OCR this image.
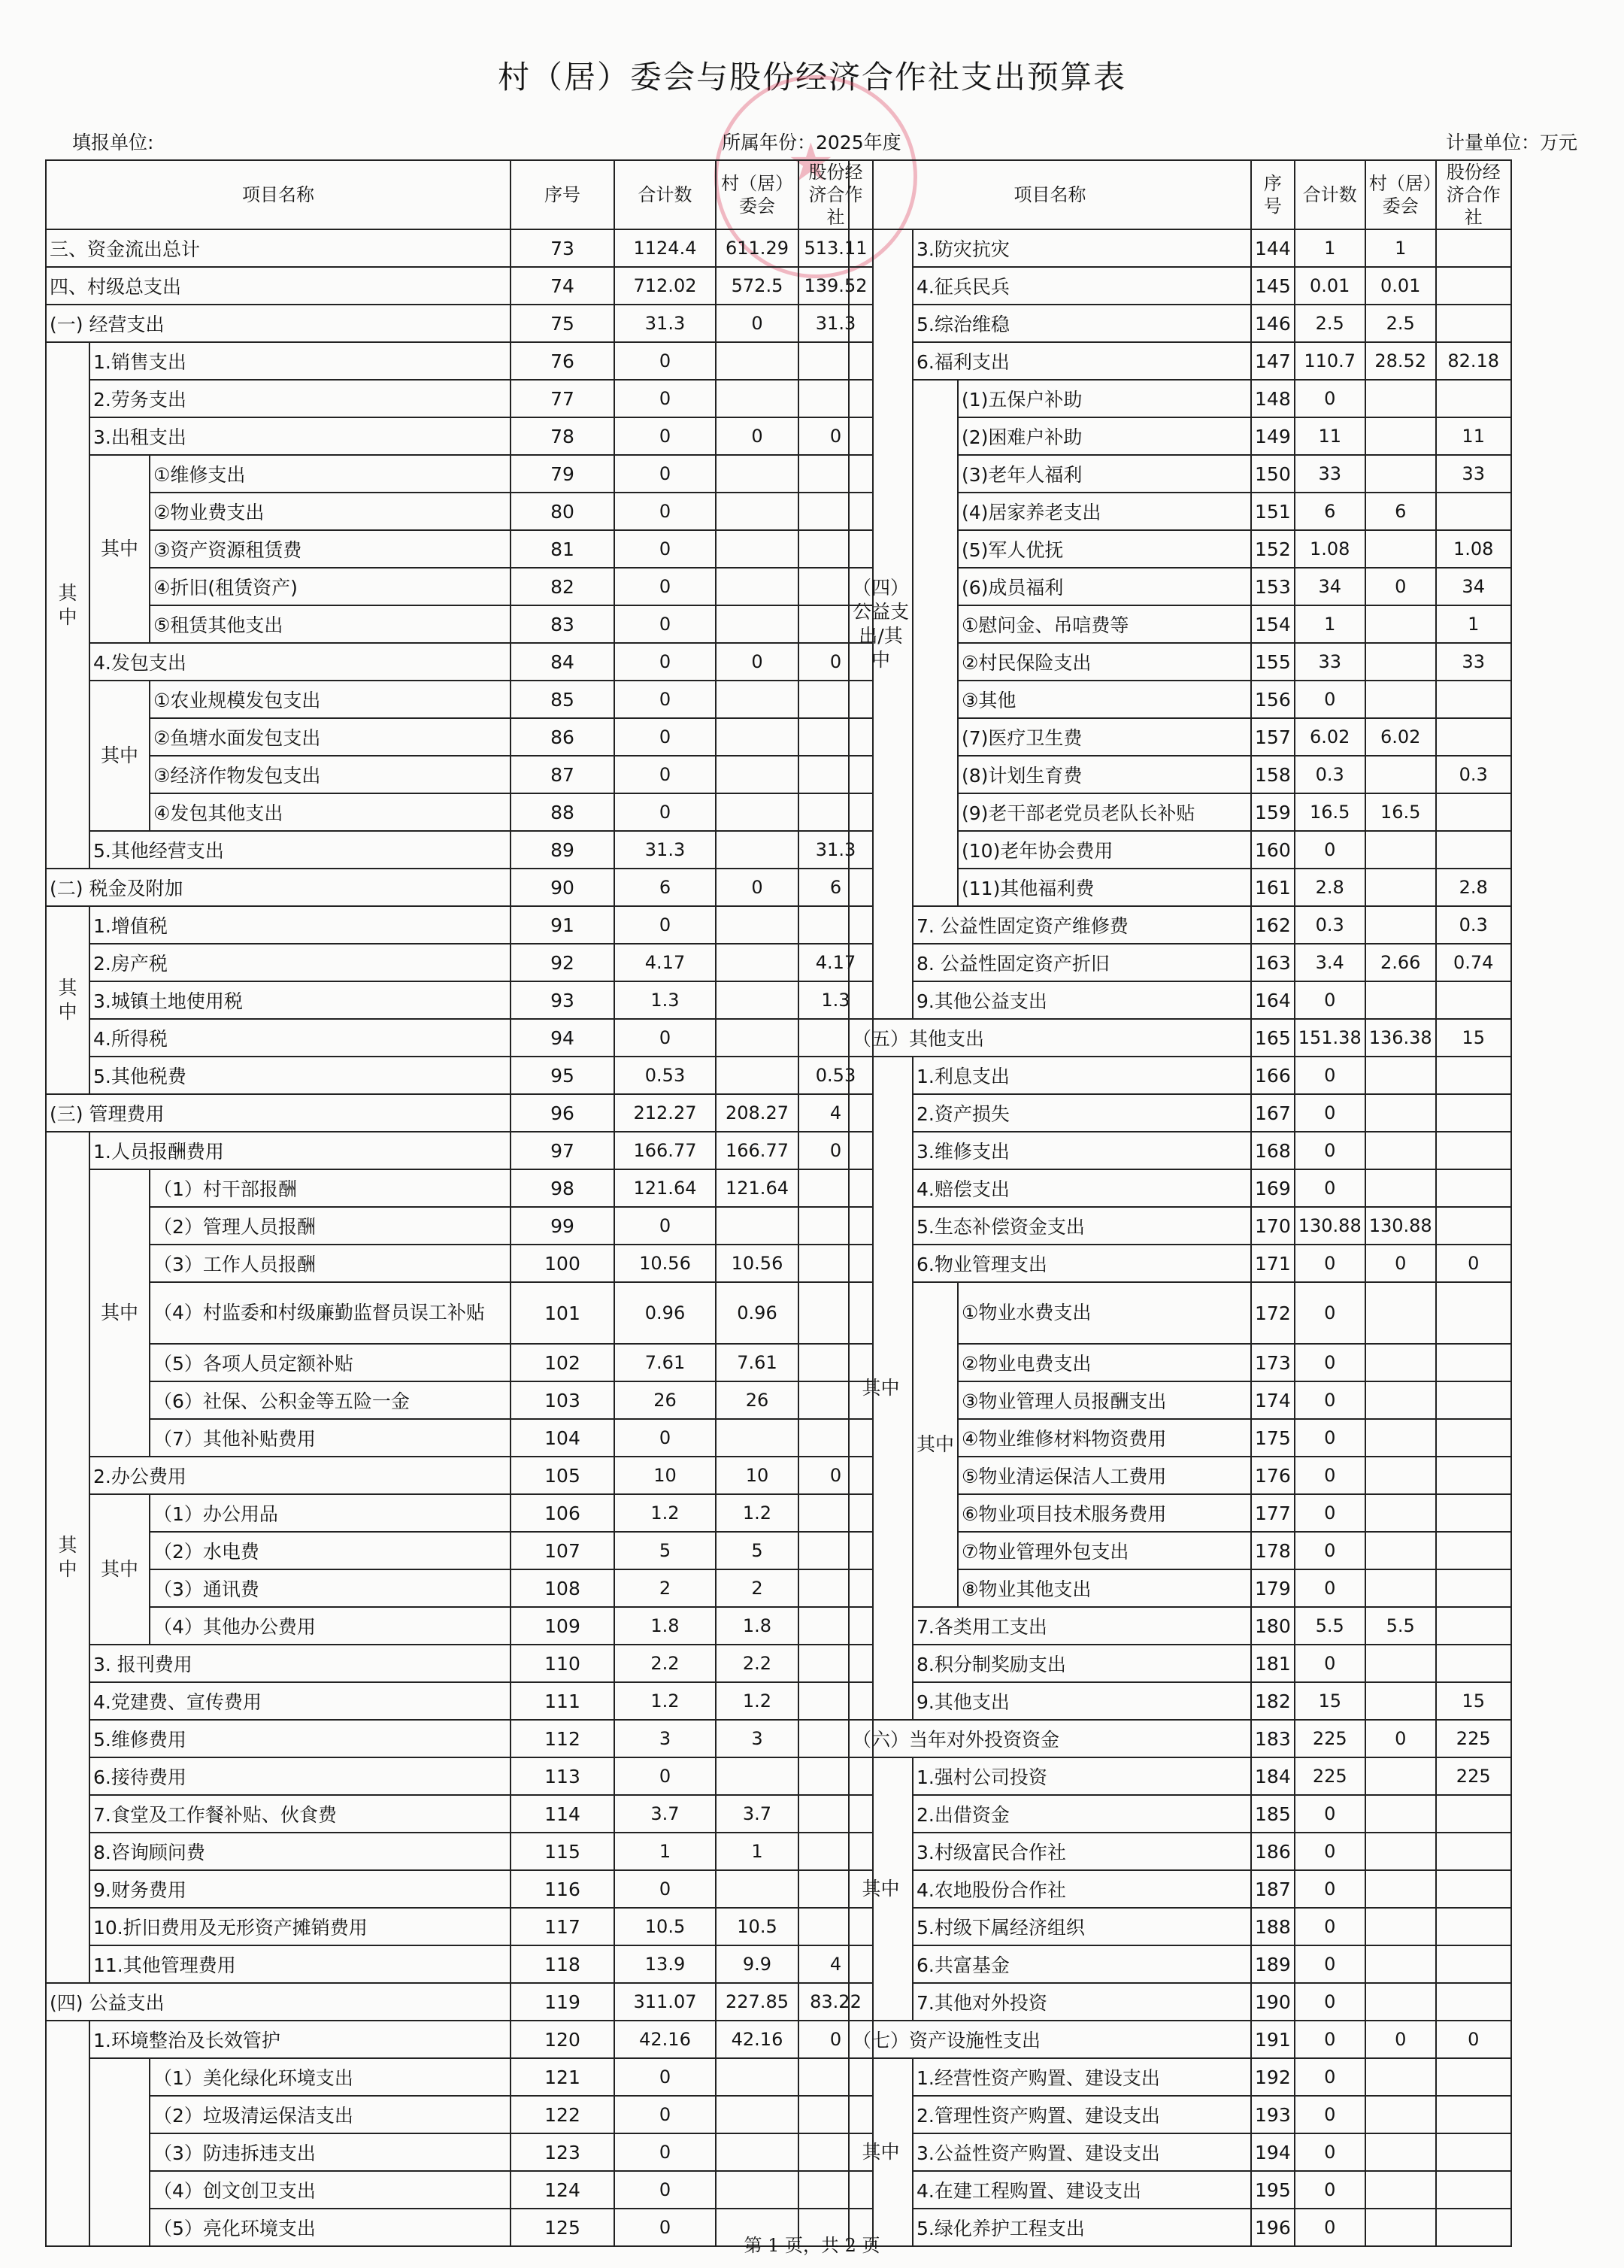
村（居）委会与股份经济合作社支出预算表
★
填报单位:	所属年份：2025年度	计量单位：万元
项目名称			序号	合计数	村（居）委会	股份经济合作社
三、资金流出总计			73	1124.4	611.29	513.11
四、村级总支出			74	712.02	572.5	139.52
(一) 经营支出			75	31.3	0	31.3
其中	1.销售支出		76	0		
	2.劳务支出		77	0		
	3.出租支出		78	0	0	0
	其中	①维修支出	79	0		
		②物业费支出	80	0		
		③资产资源租赁费	81	0		
		④折旧(租赁资产)	82	0		
		⑤租赁其他支出	83	0		
	4.发包支出		84	0	0	0
	其中	①农业规模发包支出	85	0		
		②鱼塘水面发包支出	86	0		
		③经济作物发包支出	87	0		
		④发包其他支出	88	0		
	5.其他经营支出		89	31.3		31.3
(二) 税金及附加			90	6	0	6
其中	1.增值税		91	0		
	2.房产税		92	4.17		4.17
	3.城镇土地使用税		93	1.3		1.3
	4.所得税		94	0		
	5.其他税费		95	0.53		0.53
(三) 管理费用			96	212.27	208.27	4
其中	1.人员报酬费用		97	166.77	166.77	0
	其中	（1）村干部报酬	98	121.64	121.64	
		（2）管理人员报酬	99	0		
		（3）工作人员报酬	100	10.56	10.56	
		（4）村监委和村级廉勤监督员误工补贴	101	0.96	0.96	
		（5）各项人员定额补贴	102	7.61	7.61	
		（6）社保、公积金等五险一金	103	26	26	
		（7）其他补贴费用	104	0		
	2.办公费用		105	10	10	0
	其中	（1）办公用品	106	1.2	1.2	
		（2）水电费	107	5	5	
		（3）通讯费	108	2	2	
		（4）其他办公费用	109	1.8	1.8	
	3. 报刊费用		110	2.2	2.2	
	4.党建费、宣传费用		111	1.2	1.2	
	5.维修费用		112	3	3	
	6.接待费用		113	0		
	7.食堂及工作餐补贴、伙食费		114	3.7	3.7	
	8.咨询顾问费		115	1	1	
	9.财务费用		116	0		
	10.折旧费用及无形资产摊销费用		117	10.5	10.5	
	11.其他管理费用		118	13.9	9.9	4
(四) 公益支出			119	311.07	227.85	83.22
	1.环境整治及长效管护		120	42.16	42.16	0
		（1）美化绿化环境支出	121	0		
		（2）垃圾清运保洁支出	122	0		
		（3）防违拆违支出	123	0		
		（4）创文创卫支出	124	0		
		（5）亮化环境支出	125	0		
项目名称			序号	合计数	村（居）委会	股份经济合作社
（四）公益支出/其中	3.防灾抗灾		144	1	1	
	4.征兵民兵		145	0.01	0.01	
	5.综治维稳		146	2.5	2.5	
	6.福利支出		147	110.7	28.52	82.18
		(1)五保户补助	148	0		
		(2)困难户补助	149	11		11
		(3)老年人福利	150	33		33
		(4)居家养老支出	151	6	6	
		(5)军人优抚	152	1.08		1.08
		(6)成员福利	153	34	0	34
		①慰问金、吊唁费等	154	1		1
		②村民保险支出	155	33		33
		③其他	156	0		
		(7)医疗卫生费	157	6.02	6.02	
		(8)计划生育费	158	0.3		0.3
		(9)老干部老党员老队长补贴	159	16.5	16.5	
		(10)老年协会费用	160	0		
		(11)其他福利费	161	2.8		2.8
	7. 公益性固定资产维修费		162	0.3		0.3
	8. 公益性固定资产折旧		163	3.4	2.66	0.74
	9.其他公益支出		164	0		
（五）其他支出			165	151.38	136.38	15
其中	1.利息支出		166	0		
	2.资产损失		167	0		
	3.维修支出		168	0		
	4.赔偿支出		169	0		
	5.生态补偿资金支出		170	130.88	130.88	
	6.物业管理支出		171	0	0	0
	其中	①物业水费支出	172	0		
		②物业电费支出	173	0		
		③物业管理人员报酬支出	174	0		
		④物业维修材料物资费用	175	0		
		⑤物业清运保洁人工费用	176	0		
		⑥物业项目技术服务费用	177	0		
		⑦物业管理外包支出	178	0		
		⑧物业其他支出	179	0		
	7.各类用工支出		180	5.5	5.5	
	8.积分制奖励支出		181	0		
	9.其他支出		182	15		15
（六）当年对外投资资金			183	225	0	225
其中	1.强村公司投资		184	225		225
	2.出借资金		185	0		
	3.村级富民合作社		186	0		
	4.农地股份合作社		187	0		
	5.村级下属经济组织		188	0		
	6.共富基金		189	0		
	7.其他对外投资		190	0		
（七）资产设施性支出			191	0	0	0
其中	1.经营性资产购置、建设支出		192	0		
	2.管理性资产购置、建设支出		193	0		
	3.公益性资产购置、建设支出		194	0		
	4.在建工程购置、建设支出		195	0		
	5.绿化养护工程支出		196	0		
第 1 页，共 2 页
